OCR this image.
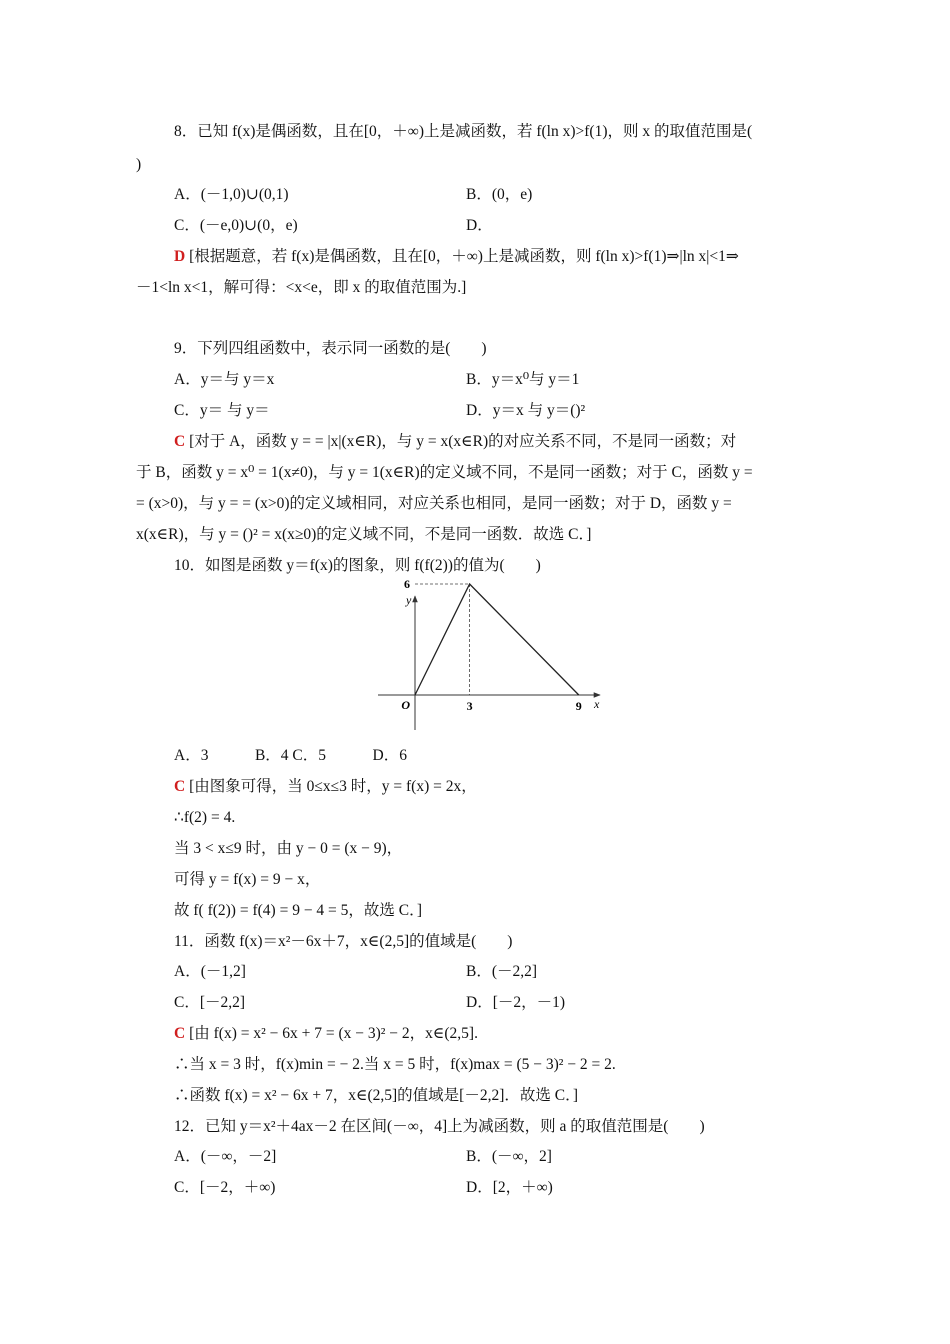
8．已知 f(x)是偶函数，且在[0，＋∞)上是减函数，若 f(ln x)>f(1)，则 x 的取值范围是(
)
A．(－1,0)∪(0,1)	B．(0，e)
C．(－e,0)∪(0，e)	D．
D [根据题意，若 f(x)是偶函数，且在[0，＋∞)上是减函数，则 f(ln x)>f(1)⇒|ln x|<1⇒
－1<ln x<1，解可得：<x<e，即 x 的取值范围为.]
9．下列四组函数中，表示同一函数的是(　　)
A．y＝与 y＝x	B．y＝x⁰与 y＝1
C．y＝ 与 y＝	D．y＝x 与 y＝()²
C [对于 A，函数 y = = |x|(x∈R)，与 y = x(x∈R)的对应关系不同，不是同一函数；对
于 B，函数 y = x⁰ = 1(x≠0)，与 y = 1(x∈R)的定义域不同，不是同一函数；对于 C，函数 y =
= (x>0)，与 y = = (x>0)的定义域相同，对应关系也相同，是同一函数；对于 D，函数 y =
x(x∈R)，与 y = ()² = x(x≥0)的定义域不同，不是同一函数．故选 C．]
10．如图是函数 y＝f(x)的图象，则 f(f(2))的值为(　　)
3	9
6
O	x
y
A．3　　　B．4 C．5　　　D．6
C [由图象可得，当 0≤x≤3 时，y = f(x) = 2x，
∴f(2) = 4.
当 3 < x≤9 时，由 y − 0 = (x − 9)，
可得 y = f(x) = 9 − x，
故 f( f(2)) = f(4) = 9 − 4 = 5，故选 C．]
11．函数 f(x)＝x²－6x＋7，x∈(2,5]的值域是(　　)
A．(－1,2]	B．(－2,2]
C．[－2,2]	D．[－2，－1)
C [由 f(x) = x² − 6x + 7 = (x − 3)² − 2，x∈(2,5].
∴当 x = 3 时，f(x)min = − 2.当 x = 5 时，f(x)max = (5 − 3)² − 2 = 2.
∴函数 f(x) = x² − 6x + 7，x∈(2,5]的值域是[－2,2]．故选 C．]
12．已知 y＝x²＋4ax－2 在区间(－∞，4]上为减函数，则 a 的取值范围是(　　)
A．(－∞，－2]	B．(－∞，2]
C．[－2，＋∞)	D．[2，＋∞)
